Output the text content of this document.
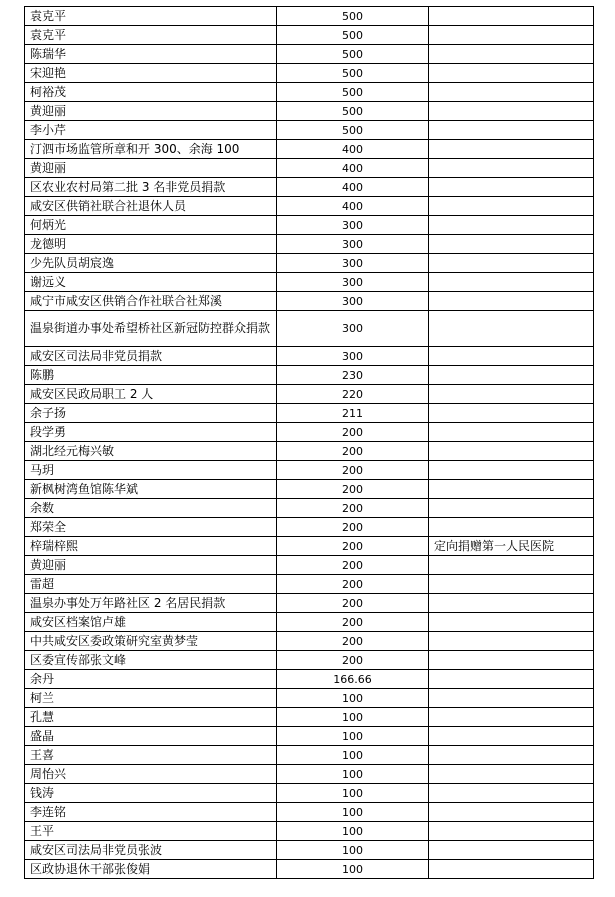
袁克平	500	
袁克平	500	
陈瑞华	500	
宋迎艳	500	
柯裕茂	500	
黄迎丽	500	
李小芹	500	
汀泗市场监管所章和开 300、余海 100	400	
黄迎丽	400	
区农业农村局第二批 3 名非党员捐款	400	
咸安区供销社联合社退休人员	400	
何炳光	300	
龙德明	300	
少先队员胡宸逸	300	
谢远义	300	
咸宁市咸安区供销合作社联合社郑溪	300	
温泉街道办事处希望桥社区新冠防控群众捐款	300	
咸安区司法局非党员捐款	300	
陈鹏	230	
咸安区民政局职工 2 人	220	
余子扬	211	
段学勇	200	
湖北经元梅兴敏	200	
马玥	200	
新枫树湾鱼馆陈华斌	200	
余数	200	
郑荣全	200	
梓瑞梓熙	200	定向捐赠第一人民医院
黄迎丽	200	
雷超	200	
温泉办事处万年路社区 2 名居民捐款	200	
咸安区档案馆卢雄	200	
中共咸安区委政策研究室黄梦莹	200	
区委宣传部张文峰	200	
余丹	166.66	
柯兰	100	
孔慧	100	
盛晶	100	
王喜	100	
周怡兴	100	
钱涛	100	
李连铭	100	
王平	100	
咸安区司法局非党员张波	100	
区政协退休干部张俊娟	100	
